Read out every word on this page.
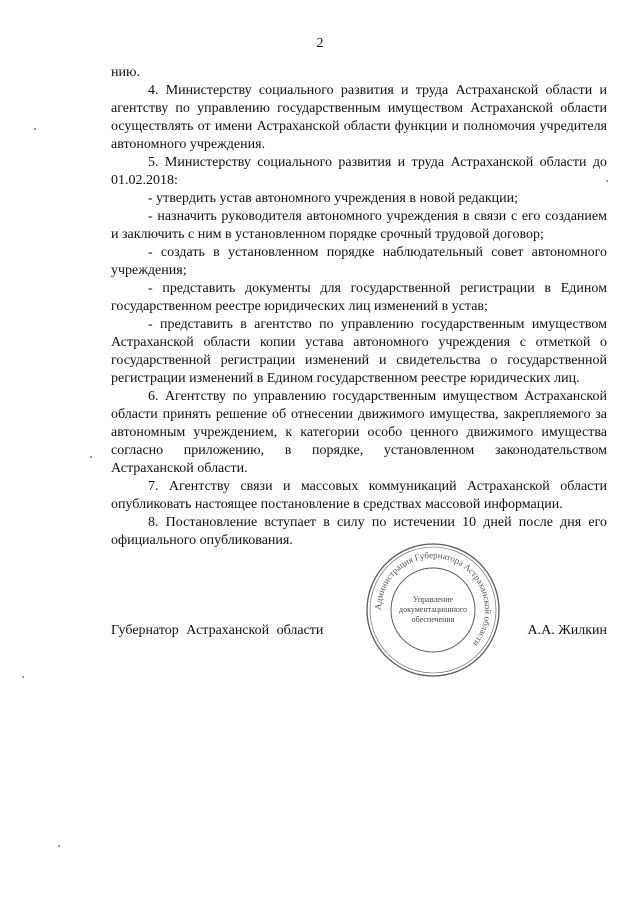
2

нию.

4. Министерству социального развития и труда Астраханской области и агентству по управлению государственным имуществом Астраханской области осуществлять от имени Астраханской области функции и полномочия учредителя автономного учреждения.

5. Министерству социального развития и труда Астраханской области до 01.02.2018:

- утвердить устав автономного учреждения в новой редакции;

- назначить руководителя автономного учреждения в связи с его созданием и заключить с ним в установленном порядке срочный трудовой договор;

- создать в установленном порядке наблюдательный совет автономного учреждения;

- представить документы для государственной регистрации в Едином государственном реестре юридических лиц изменений в устав;

- представить в агентство по управлению государственным имуществом Астраханской области копии устава автономного учреждения с отметкой о государственной регистрации изменений и свидетельства о государственной регистрации изменений в Едином государственном реестре юридических лиц.

6. Агентству по управлению государственным имуществом Астраханской области принять решение об отнесении движимого имущества, закрепляемого за автономным учреждением, к категории особо ценного движимого имущества согласно приложению, в порядке, установленном законодательством Астраханской области.

7. Агентству связи и массовых коммуникаций Астраханской области опубликовать настоящее постановление в средствах массовой информации.

8. Постановление вступает в силу по истечении 10 дней после дня его официального опубликования.

Администрация Губернатора Астраханской области
Управление
документационного
обеспечения
Губернатор Астраханской области	А.А. Жилкин
